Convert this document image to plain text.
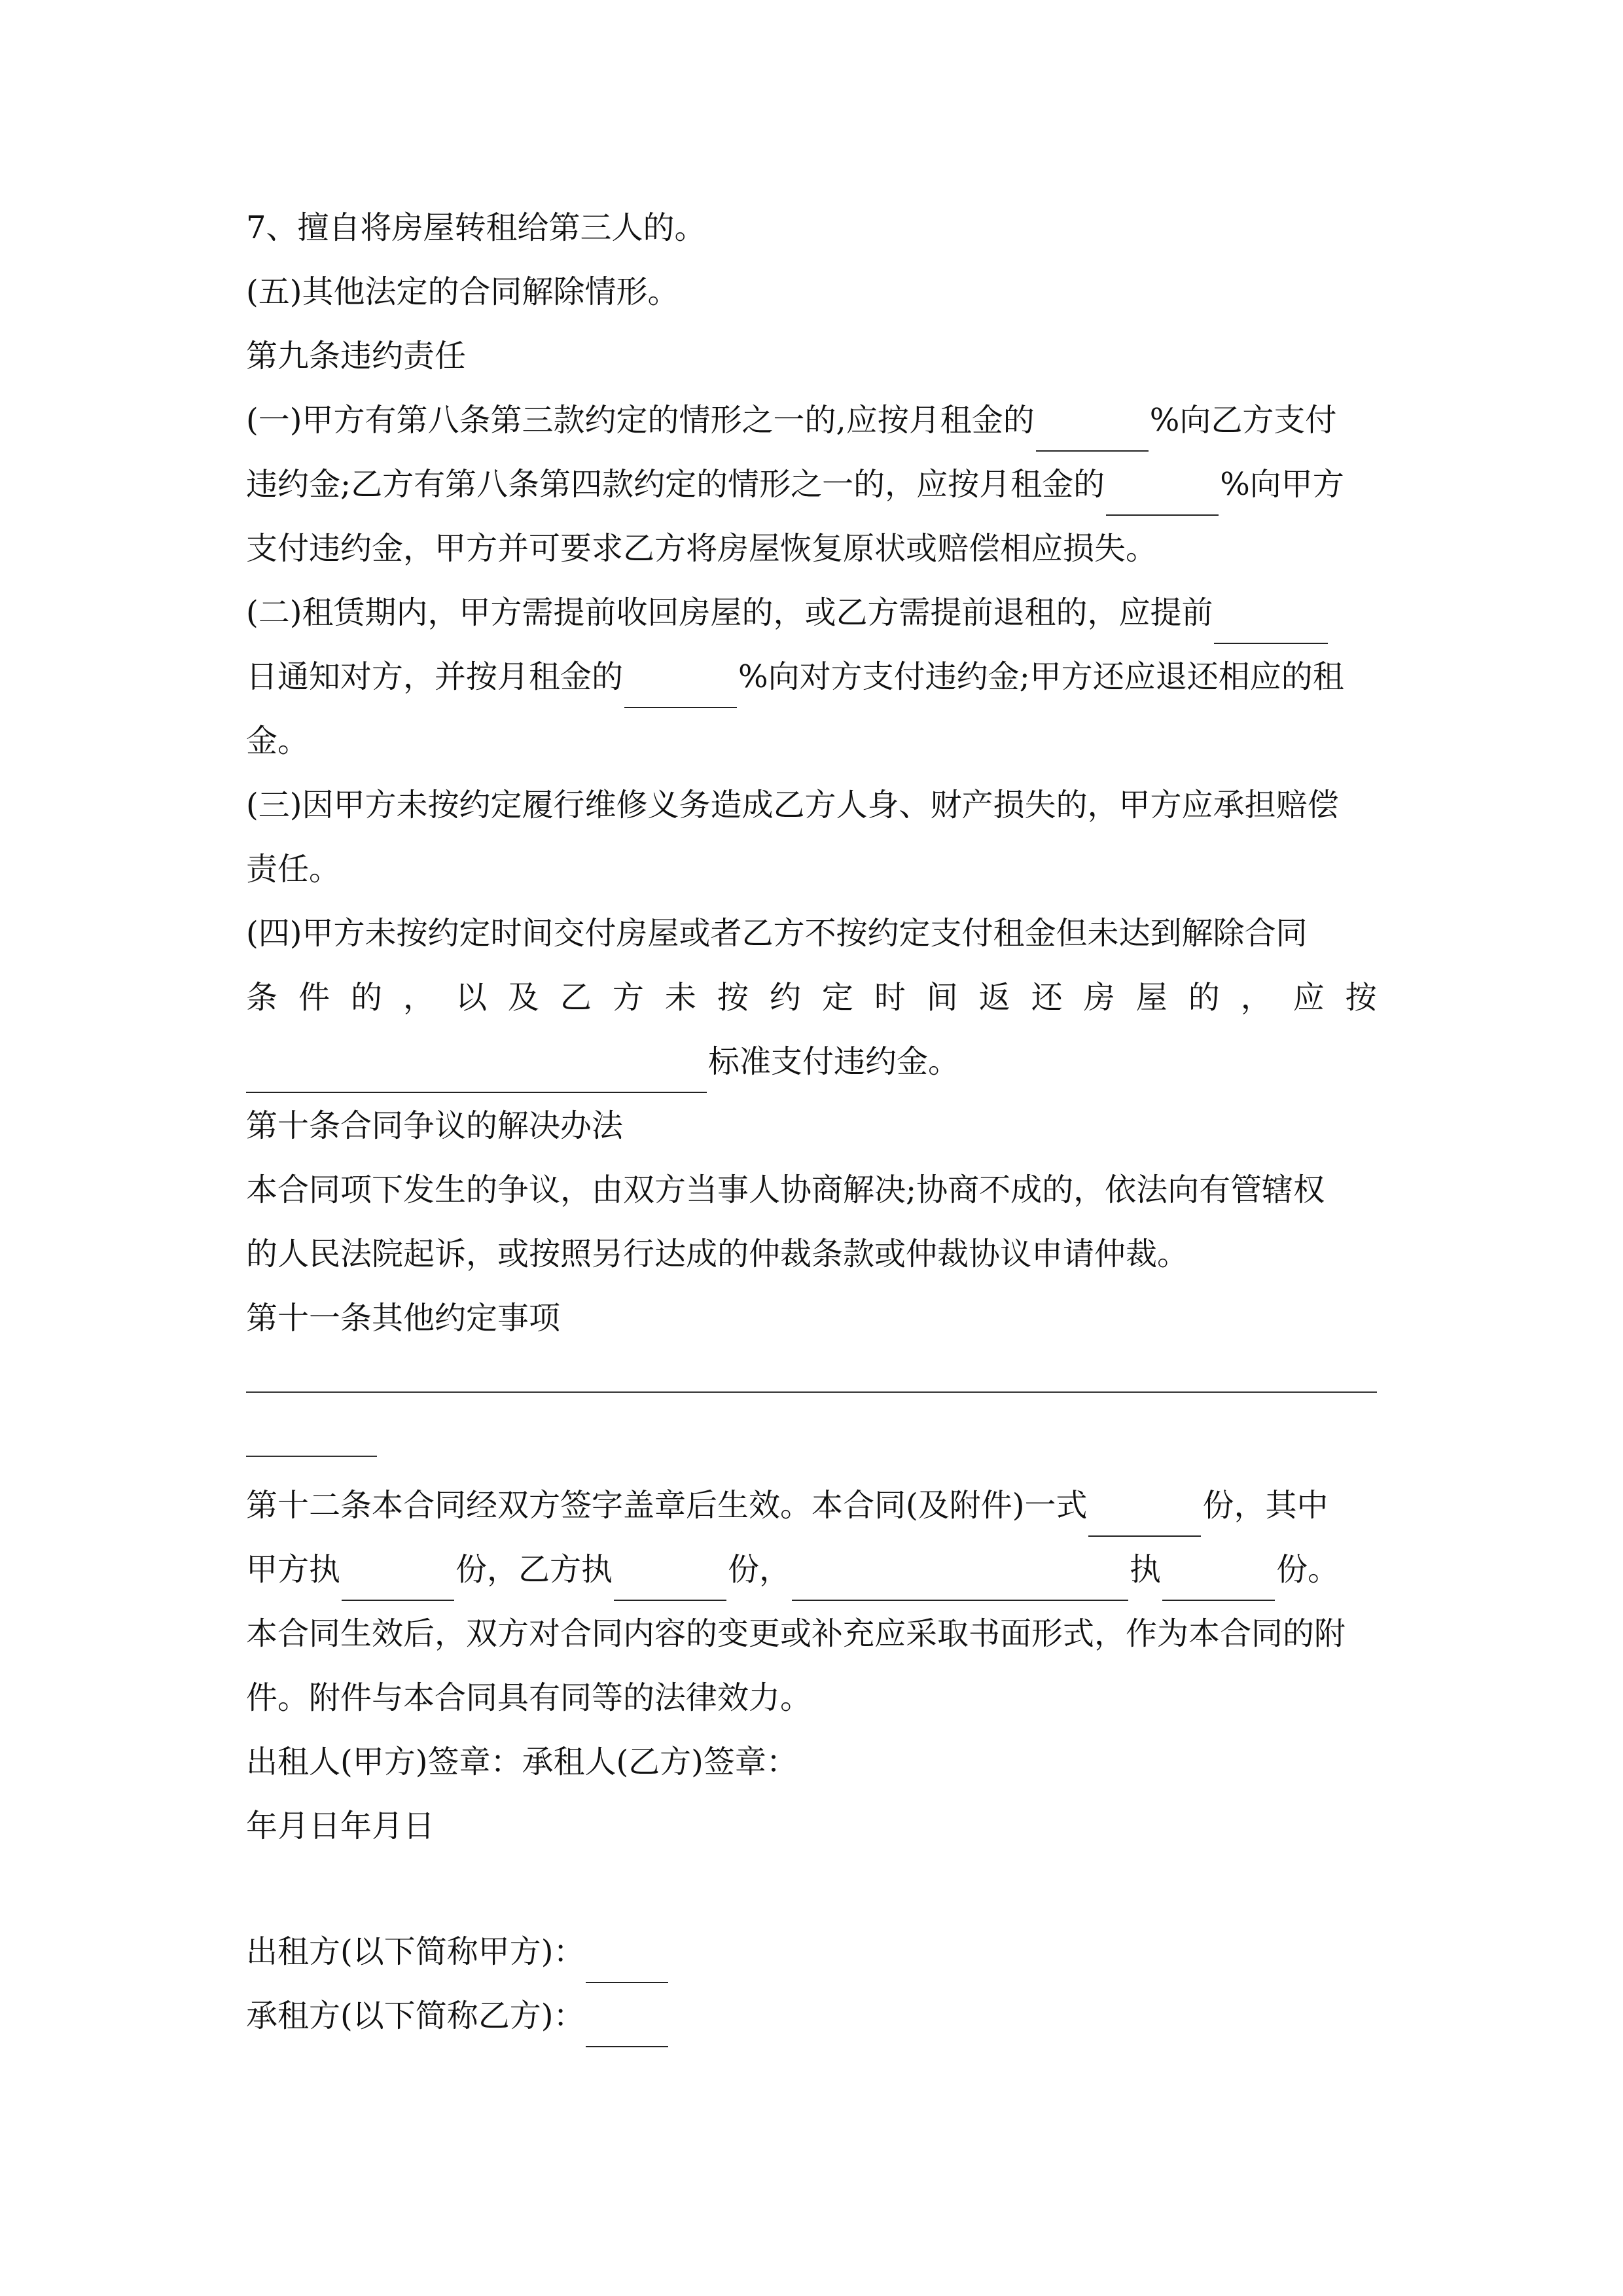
7、擅自将房屋转租给第三人的。
(五)其他法定的合同解除情形。
第九条违约责任
(一)甲方有第八条第三款约定的情形之一的,应按月租金的	%向乙方支付
违约金;乙方有第八条第四款约定的情形之一的，应按月租金的	%向甲方
支付违约金，甲方并可要求乙方将房屋恢复原状或赔偿相应损失。
(二)租赁期内，甲方需提前收回房屋的，或乙方需提前退租的，应提前
日通知对方，并按月租金的	%向对方支付违约金;甲方还应退还相应的租
金。
(三)因甲方未按约定履行维修义务造成乙方人身、财产损失的，甲方应承担赔偿
责任。
(四)甲方未按约定时间交付房屋或者乙方不按约定支付租金但未达到解除合同
条 件 的 ， 以 及 乙 方 未 按 约 定 时 间 返 还 房 屋 的 ， 应 按
标准支付违约金。
第十条合同争议的解决办法
本合同项下发生的争议，由双方当事人协商解决;协商不成的，依法向有管辖权
的人民法院起诉，或按照另行达成的仲裁条款或仲裁协议申请仲裁。
第十一条其他约定事项
第十二条本合同经双方签字盖章后生效。本合同(及附件)一式	份，其中
甲方执	份，乙方执	份，	执	份。
本合同生效后，双方对合同内容的变更或补充应采取书面形式，作为本合同的附
件。附件与本合同具有同等的法律效力。
出租人(甲方)签章：承租人(乙方)签章：
年月日年月日
出租方(以下简称甲方)：
承租方(以下简称乙方)：
